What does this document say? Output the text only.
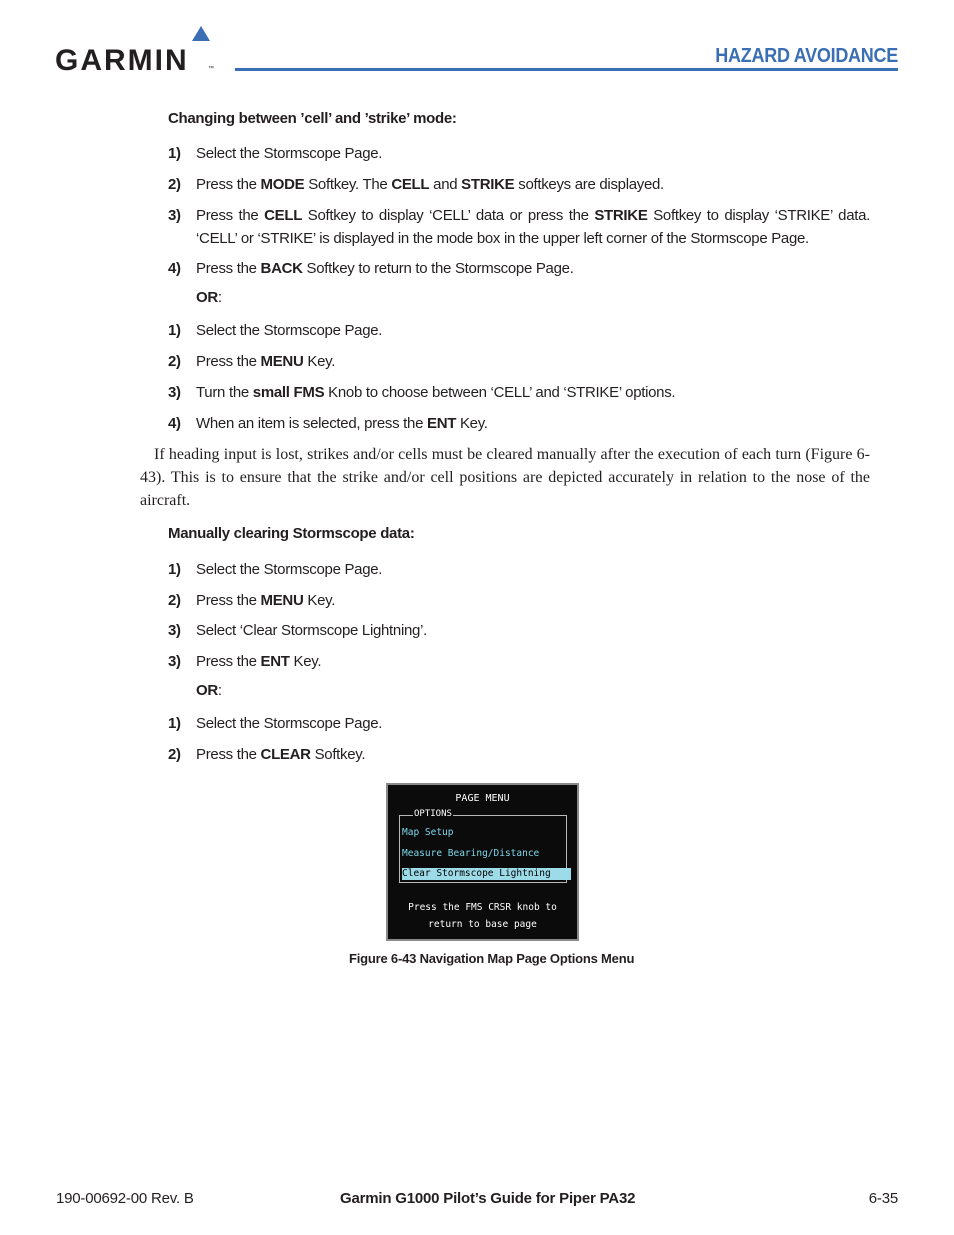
GARMIN	™
HAZARD AVOIDANCE
Changing between ’cell’ and ’strike’ mode:
1) Select the Stormscope Page.
2) Press the MODE Softkey. The CELL and STRIKE softkeys are displayed.
3) Press the CELL Softkey to display ‘CELL’ data or press the STRIKE Softkey to display ‘STRIKE’ data. ‘CELL’ or ‘STRIKE’ is displayed in the mode box in the upper left corner of the Stormscope Page.
4) Press the BACK Softkey to return to the Stormscope Page.
OR:
1) Select the Stormscope Page.
2) Press the MENU Key.
3) Turn the small FMS Knob to choose between ‘CELL’ and ‘STRIKE’ options.
4) When an item is selected, press the ENT Key.
If heading input is lost, strikes and/or cells must be cleared manually after the execution of each turn (Figure 6-43). This is to ensure that the strike and/or cell positions are depicted accurately in relation to the nose of the aircraft.
Manually clearing Stormscope data:
1) Select the Stormscope Page.
2) Press the MENU Key.
3) Select ‘Clear Stormscope Lightning’.
3) Press the ENT Key.
OR:
1) Select the Stormscope Page.
2) Press the CLEAR Softkey.
PAGE MENU
OPTIONS
Map Setup
Measure Bearing/Distance
Clear Stormscope Lightning
Press the FMS CRSR knob to
return to base page
Figure 6-43 Navigation Map Page Options Menu
190-00692-00 Rev. B	Garmin G1000 Pilot’s Guide for Piper PA32	6-35
